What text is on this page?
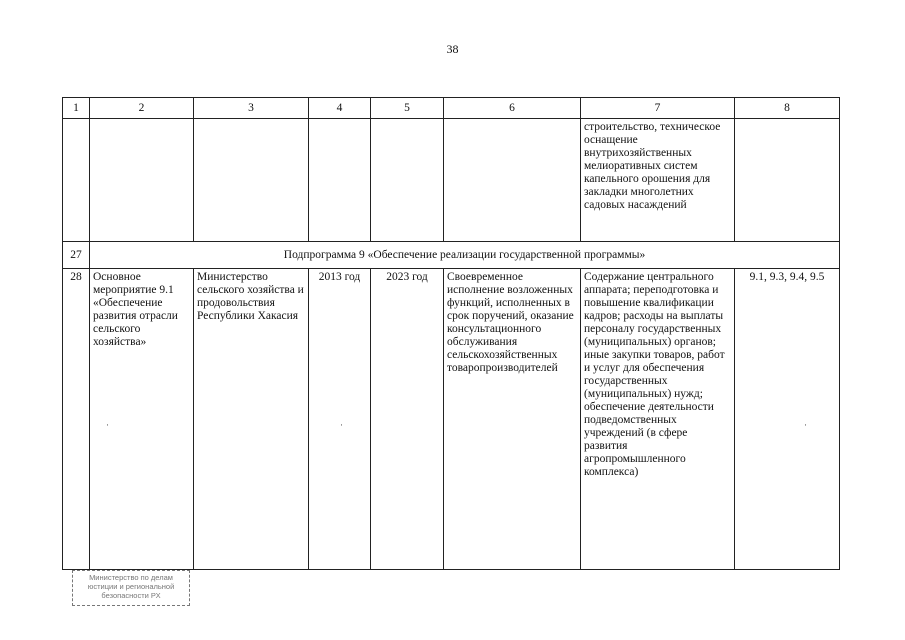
38
1	2	3	4	5	6	7	8
						строительство, техническое оснащение внутрихозяйственных мелиоративных систем капельного орошения для закладки многолетних садовых насаждений	
27	Подпрограмма 9 «Обеспечение реализации государственной программы»						
28	Основное мероприятие 9.1 «Обеспечение развития отрасли сельского хозяйства»	Министерство сельского хозяйства и продовольствия Республики Хакасия	2013 год	2023 год	Своевременное исполнение возложенных функций, исполненных в срок поручений, оказание консультационного обслуживания сельскохозяйственных товаропроизводителей	Содержание центрального аппарата; переподготовка и повышение квалификации кадров; расходы на выплаты персоналу государственных (муниципальных) органов; иные закупки товаров, работ и услуг для обеспечения государственных (муниципальных) нужд; обеспечение деятельности подведомственных учреждений (в сфере развития агропромышленного комплекса)	9.1, 9.3, 9.4, 9.5
·	·	·
Министерство по делам
юстиции и региональной
безопасности РХ
